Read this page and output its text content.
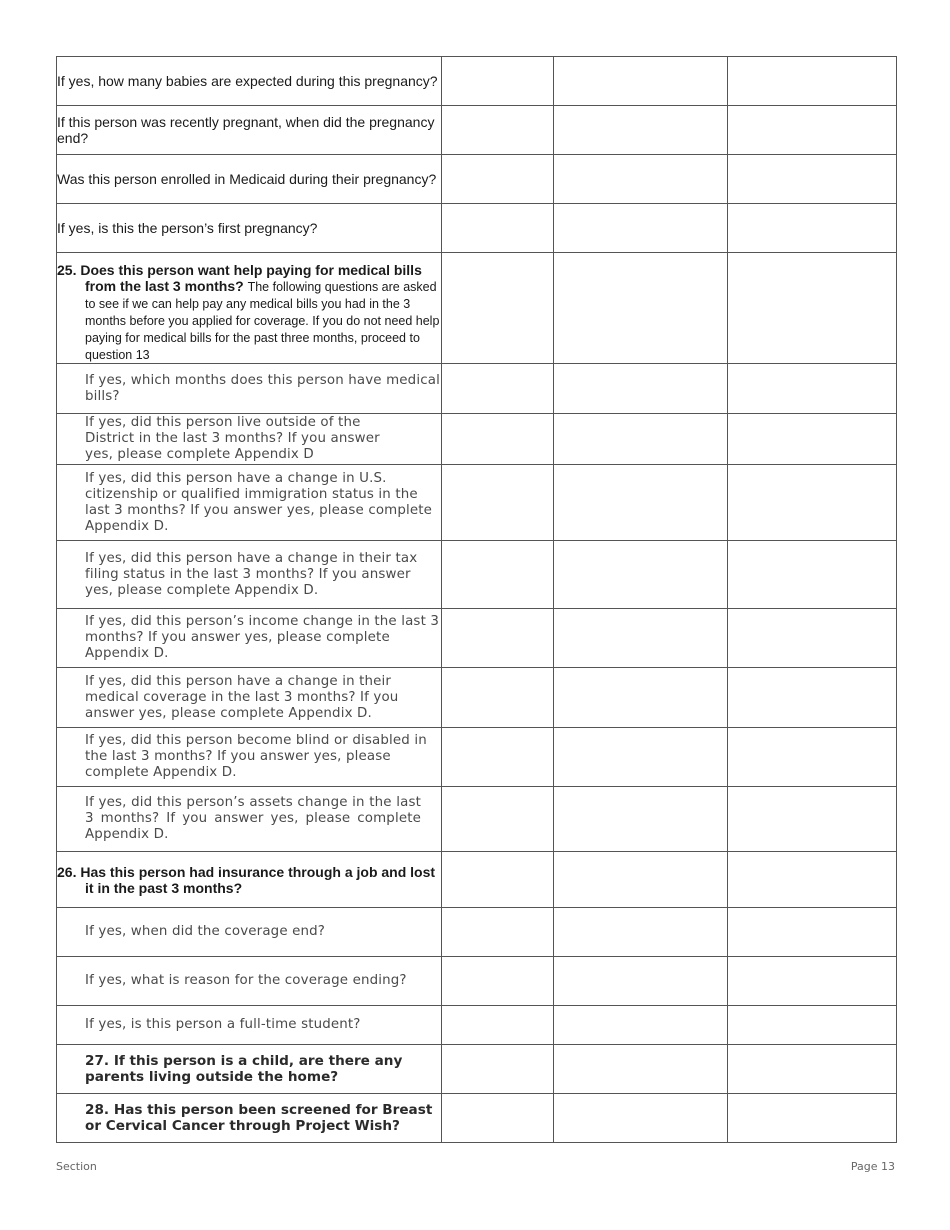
If yes, how many babies are expected during this pregnancy?			
If this person was recently pregnant, when did the pregnancy end?			
Was this person enrolled in Medicaid during their pregnancy?			
If yes, is this the person’s first pregnancy?			

25. Does this person want help paying for medical bills from the last 3 months? The following questions are asked to see if we can help pay any medical bills you had in the 3 months before you applied for coverage. If you do not need help paying for medical bills for the past three months, proceed to question 13			

If yes, which months does this person have medical bills?			

If yes, did this person live outside of the District in the last 3 months? If you answer yes, please complete Appendix D			

If yes, did this person have a change in U.S. citizenship or qualified immigration status in the last 3 months? If you answer yes, please complete Appendix D.			

If yes, did this person have a change in their tax filing status in the last 3 months? If you answer yes, please complete Appendix D.			

If yes, did this person’s income change in the last 3 months? If you answer yes, please complete Appendix D.			

If yes, did this person have a change in their medical coverage in the last 3 months? If you answer yes, please complete Appendix D.			

If yes, did this person become blind or disabled in the last 3 months? If you answer yes, please complete Appendix D.			

If yes, did this person’s assets change in the last 3 months? If you answer yes, please complete Appendix D.			

26. Has this person had insurance through a job and lost it in the past 3 months?			

If yes, when did the coverage end?			

If yes, what is reason for the coverage ending?			

If yes, is this person a full-time student?			

27. If this person is a child, are there any parents living outside the home?			

28. Has this person been screened for Breast or Cervical Cancer through Project Wish?			

Section	Page 13
